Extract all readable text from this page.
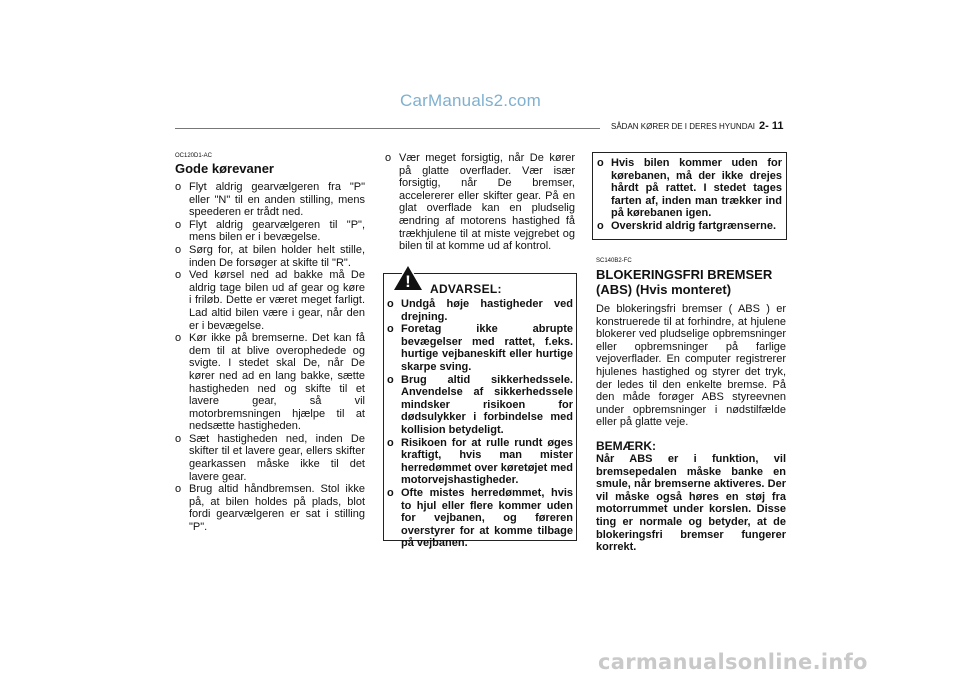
CarManuals2.com
SÅDAN KØRER DE I DERES HYUNDAI 2- 11
OC120D1-AC
Gode kørevaner
o Flyt aldrig gearvælgeren fra "P" eller "N" til en anden stilling, mens speederen er trådt ned.
o Flyt aldrig gearvælgeren til "P", mens bilen er i bevægelse.
o Sørg for, at bilen holder helt stille, inden De forsøger at skifte til "R".
o Ved kørsel ned ad bakke må De aldrig tage bilen ud af gear og køre i friløb. Dette er været meget farligt. Lad altid bilen være i gear, når den er i bevægelse.
o Kør ikke på bremserne. Det kan få dem til at blive overophedede og svigte. I stedet skal De, når De kører ned ad en lang bakke, sætte hastigheden ned og skifte til et lavere gear, så vil motorbremsningen hjælpe til at nedsætte hastigheden.
o Sæt hastigheden ned, inden De skifter til et lavere gear, ellers skifter gearkassen måske ikke til det lavere gear.
o Brug altid håndbremsen. Stol ikke på, at bilen holdes på plads, blot fordi gearvælgeren er sat i stilling "P".
o Vær meget forsigtig, når De kører på glatte overflader. Vær især forsigtig, når De bremser, accelererer eller skifter gear. På en glat overflade kan en pludselig ændring af motorens hastighed få trækhjulene til at miste vejgrebet og bilen til at komme ud af kontrol.
! ADVARSEL:
o Undgå høje hastigheder ved drejning.
o Foretag ikke abrupte bevægelser med rattet, f.eks. hurtige vejbaneskift eller hurtige skarpe sving.
o Brug altid sikkerhedssele. Anvendelse af sikkerhedssele mindsker risikoen for dødsulykker i forbindelse med kollision betydeligt.
o Risikoen for at rulle rundt øges kraftigt, hvis man mister herredømmet over køretøjet med motorvejshastigheder.
o Ofte mistes herredømmet, hvis to hjul eller flere kommer uden for vejbanen, og føreren overstyrer for at komme tilbage på vejbanen.
o Hvis bilen kommer uden for kørebanen, må der ikke drejes hårdt på rattet. I stedet tages farten af, inden man trækker ind på kørebanen igen.
o Overskrid aldrig fartgrænserne.
SC140B2-FC
BLOKERINGSFRI BREMSER (ABS) (Hvis monteret)
De blokeringsfri bremser ( ABS ) er konstruerede til at forhindre, at hjulene blokerer ved pludselige opbremsninger eller opbremsninger på farlige vejoverflader. En computer registrerer hjulenes hastighed og styrer det tryk, der ledes til den enkelte bremse. På den måde forøger ABS styreevnen under opbremsninger i nødstilfælde eller på glatte veje.
BEMÆRK:
Når ABS er i funktion, vil bremsepedalen måske banke en smule, når bremserne aktiveres. Der vil måske også høres en støj fra motorrummet under korslen. Disse ting er normale og betyder, at de blokeringsfri bremser fungerer korrekt.
carmanualsonline.info
